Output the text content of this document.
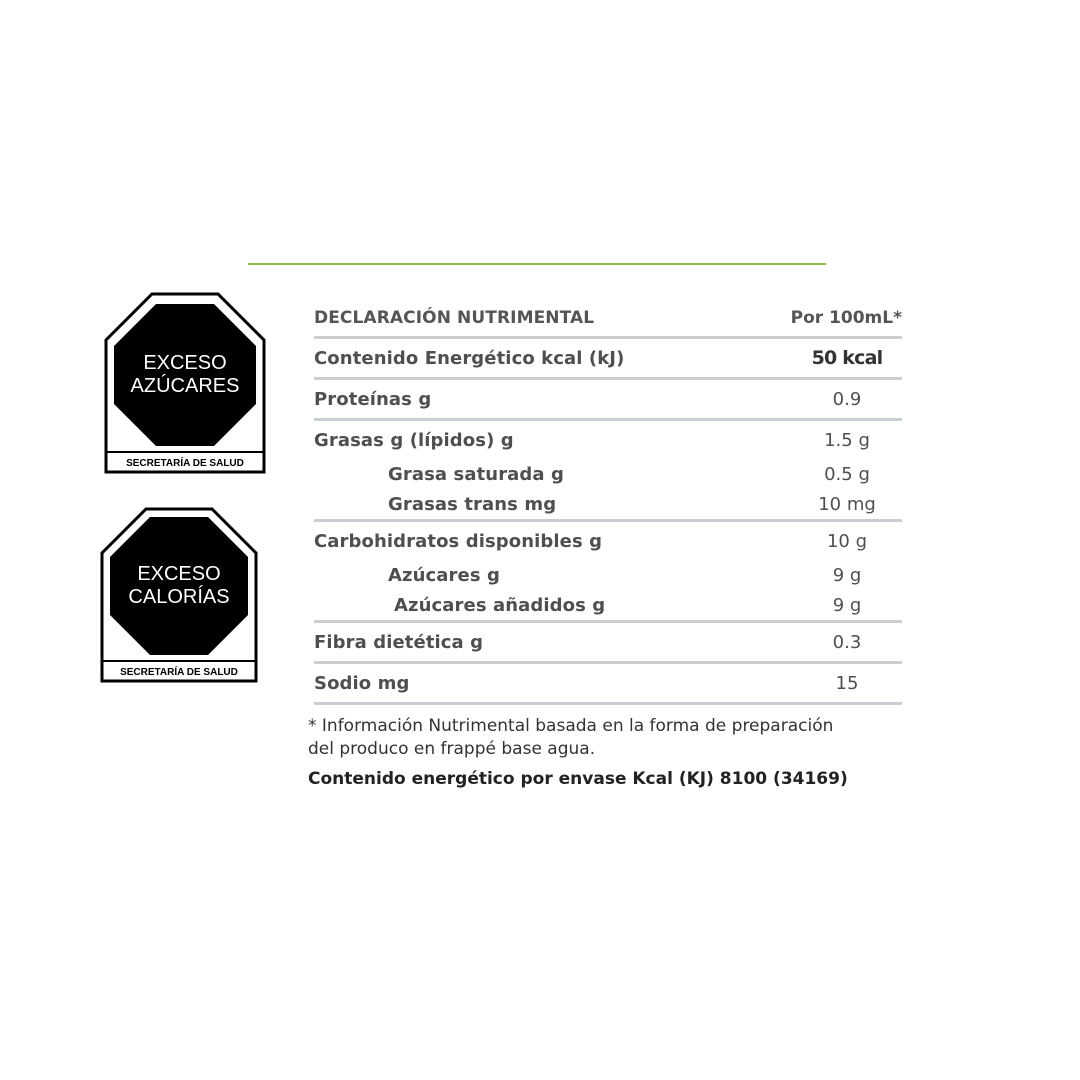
EXCESO
AZÚCARES
SECRETARÍA DE SALUD
EXCESO
CALORÍAS
SECRETARÍA DE SALUD
DECLARACIÓN NUTRIMENTAL	Por 100mL*
Contenido Energético kcal (kJ)	50 kcal
Proteínas g	0.9
Grasas g (lípidos) g	1.5 g
Grasa saturada g	0.5 g
Grasas trans mg	10 mg
Carbohidratos disponibles g	10 g
Azúcares g	9 g
Azúcares añadidos g	9 g
Fibra dietética g	0.3
Sodio mg	15
* Información Nutrimental basada en la forma de preparación
del produco en frappé base agua.
Contenido energético por envase Kcal (KJ) 8100 (34169)
